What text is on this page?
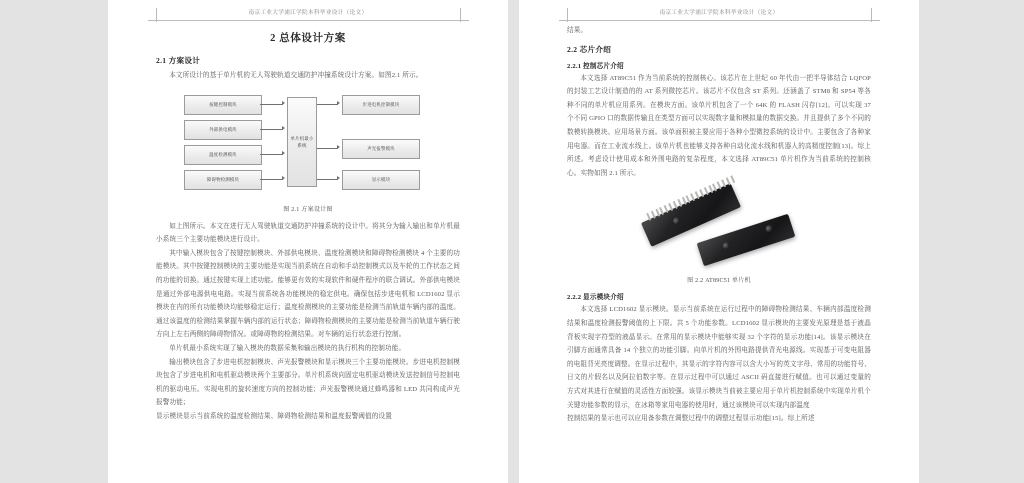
南京工业大学浦江学院本科毕业设计（论文）
2 总体设计方案
2.1 方案设计

本文所设计的基于单片机的无人驾驶轨道交通防护冲撞系统设计方案。如图2.1 所示。

按键控制模块
外部供电模块
温度检测模块
障碍物检测模块
单片机最小系统
步进电机控制模块
声光报警模块
显示模块
图 2.1 方案设计图

如上图所示。本文在进行无人驾驶轨道交通防护冲撞系统的设计中。将其分为输入输出和单片机最小系统三个主要功能模块进行设计。

其中输入模块包含了按键控制模块、外部供电模块、温度检测模块和障碍物检测模块 4 个主要的功能模块。其中按键控制模块的主要功能是实现当前系统在自动和手动控制模式以及车轮的工作状态之间的功能的切换。通过按键实现上述功能。能够更有效的实现软件和硬件程序的联合调试。外部供电模块是通过外部电源供电电路。实现当前系统各功能模块的稳定供电。确保包括步进电机和 LCD1602 显示模块在内的所有功能模块均能够稳定运行；温度检测模块的主要功能是检测当前轨道车辆内部的温度。通过该温度的检测结果掌握车辆内部的运行状态；障碍物检测模块的主要功能是检测当前轨道车辆行驶方向上左右两侧的障碍物情况。或障碍物的检测结果。对车辆的运行状态进行控制。

单片机最小系统实现了输入模块的数据采集和输出模块的执行机构的控制功能。

输出模块包含了步进电机控制模块、声光报警模块和显示模块三个主要功能模块。步进电机控制模块包含了步进电机和电机驱动模块两个主要部分。单片机系统向固定电机驱动模块发送控制信号控制电机的驱动电压。实现电机的旋转速度方向的控制功能；声光报警模块通过蜂鸣器和 LED 共同构成声光报警功能；

显示模块显示当前系统的温度检测结果、障碍物检测结果和温度报警阈值的设置

南京工业大学浦江学院本科毕业设计（论文）

结果。

2.2 芯片介绍
2.2.1 控制芯片介绍

本文选择 AT89C51 作为当前系统的控制核心。该芯片在上世纪 60 年代由一把半导体结合 LQFOP 的封装工艺设计制造的的 AT 系列微控芯片。该芯片不仅包含 ST 系列。还涵盖了 STM8 和 SP54 等各种不同的单片机应用系列。在模块方面。该单片机包含了一个 64K 的 FLASH 闪存[12]。可以实现 37 个不同 GPIO 口的数据传输且在类型方面可以实现数字量和模拟量的数据交换。并且提供了多个不同的数模转换模块。应用场景方面。该单面积被主要应用于各种小型微控系统的设计中。主要包含了各种家用电器。而在工业流水线上。该单片机也能够支持各种自动化流水线和机器人的高精度控制[13]。综上所述。考虑设计使用成本和外围电路的复杂程度，本文选择 AT89C51 单片机作为当前系统的控制核心。实物如图 2.1 所示。

图 2.2 AT89C51 单片机
2.2.2 显示模块介绍

本文选择 LCD1602 显示模块。显示当前系统在运行过程中的障碍物检测结果、车辆内部温度检测结果和温度检测报警阈值的上下限。共 5 个功能参数。LCD1602 显示模块的主要发光原理是基于液晶背板实现字符型的液晶显示。在常用的显示模块中能够实现 32 个字符的显示功能[14]。该显示模块在引脚方面通常具备 14 个独立的功能引脚。向单片机的外围电路提供背光电源线。实现基于可变电阻器的电阻背光亮度调整。在显示过程中，其显示的字符内容可以含大小写的英文字母、常用的功能符号、日文的片假名以及阿拉伯数字等。在显示过程中可以通过 ASCII 码直接进行赋值。也可以通过变量的方式对其进行在赋值的灵活性方面较强。该显示模块当前被主要应用于单片机控制系统中实现单片机个关键功能参数的显示，在冰箱等家用电器的使用时，通过该模块可以实现内部温度

控制结果的显示也可以应用备参数在调整过程中的调整过程显示功能[15]。综上所述
